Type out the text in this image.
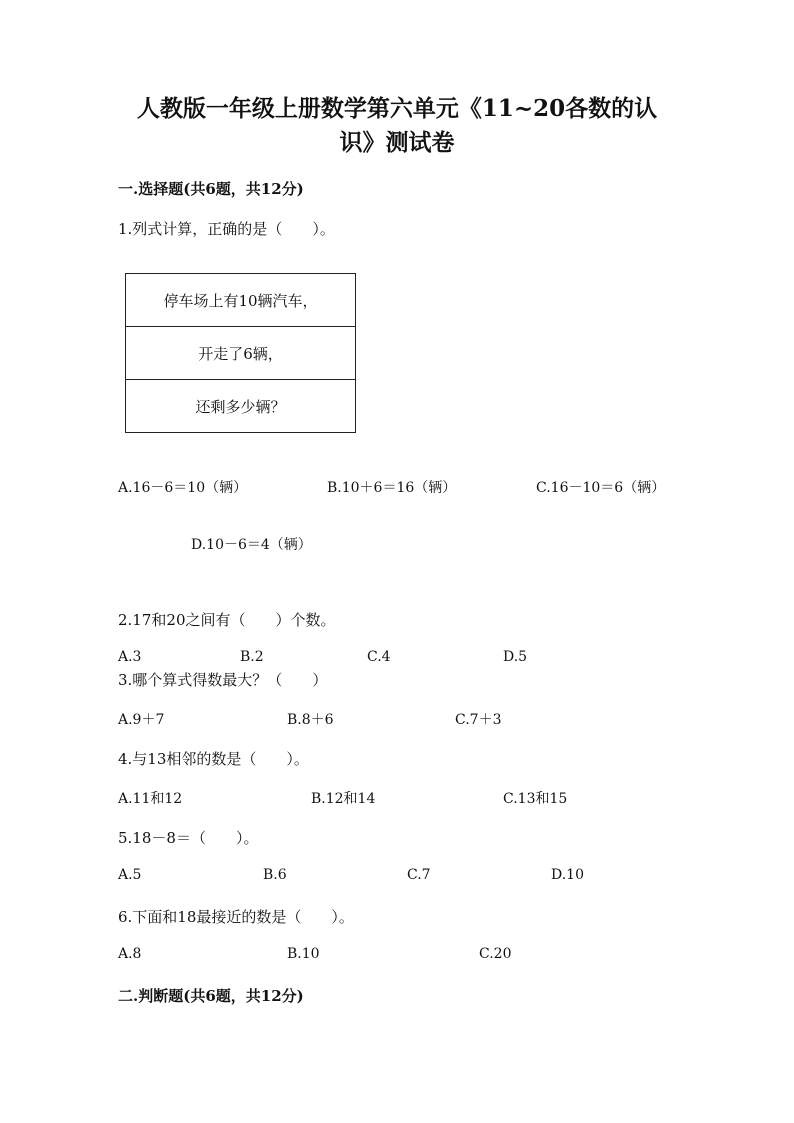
人教版一年级上册数学第六单元《11~20各数的认
识》测试卷
一.选择题(共6题，共12分)
1.列式计算，正确的是（　　）。
停车场上有10辆汽车，
开走了6辆，
还剩多少辆？
A.16－6＝10（辆）	B.10＋6＝16（辆）	C.16－10＝6（辆）
D.10－6＝4（辆）
2.17和20之间有（　　）个数。
A.3	B.2	C.4	D.5
3.哪个算式得数最大？（　　）
A.9＋7	B.8＋6	C.7＋3
4.与13相邻的数是（　　）。
A.11和12	B.12和14	C.13和15
5.18－8＝（　　）。
A.5	B.6	C.7	D.10
6.下面和18最接近的数是（　　）。
A.8	B.10	C.20
二.判断题(共6题，共12分)
